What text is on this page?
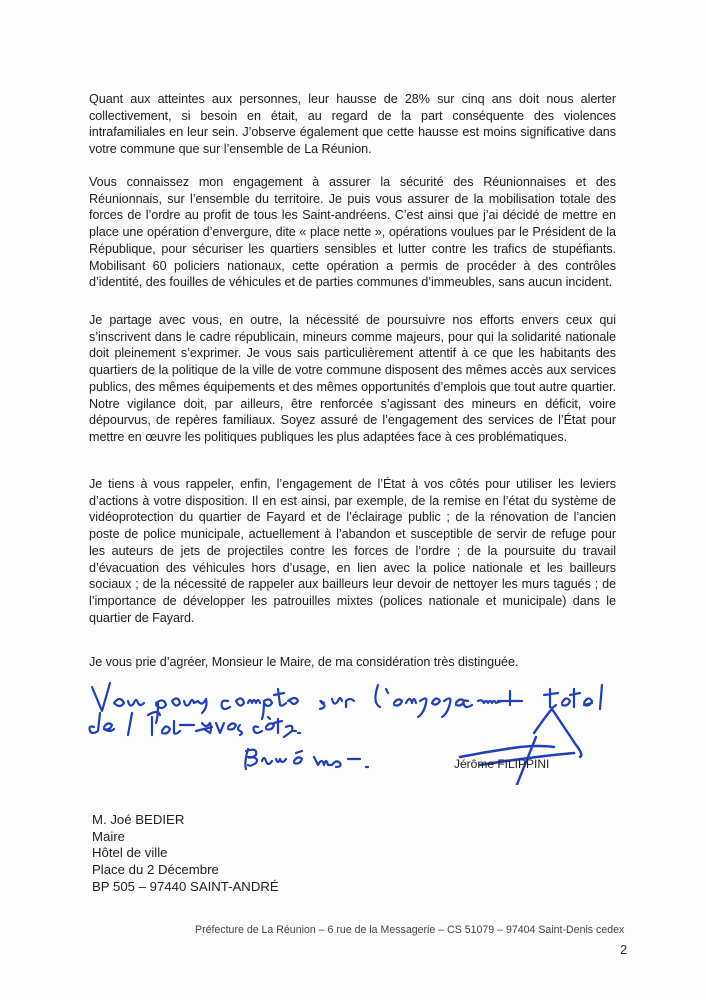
Quant aux atteintes aux personnes, leur hausse de 28% sur cinq ans doit nous alerter collectivement, si besoin en était, au regard de la part conséquente des violences intrafamiliales en leur sein. J’observe également que cette hausse est moins significative dans votre commune que sur l’ensemble de La Réunion.

Vous connaissez mon engagement à assurer la sécurité des Réunionnaises et des Réunionnais, sur l’ensemble du territoire. Je puis vous assurer de la mobilisation totale des forces de l’ordre au profit de tous les Saint-andréens. C’est ainsi que j’ai décidé de mettre en place une opération d’envergure, dite « place nette », opérations voulues par le Président de la République, pour sécuriser les quartiers sensibles et lutter contre les trafics de stupéfiants. Mobilisant 60 policiers nationaux, cette opération a permis de procéder à des contrôles d’identité, des fouilles de véhicules et de parties communes d’immeubles, sans aucun incident.

Je partage avec vous, en outre, la nécessité de poursuivre nos efforts envers ceux qui s’inscrivent dans le cadre républicain, mineurs comme majeurs, pour qui la solidarité nationale doit pleinement s’exprimer. Je vous sais particulièrement attentif à ce que les habitants des quartiers de la politique de la ville de votre commune disposent des mêmes accès aux services publics, des mêmes équipements et des mêmes opportunités d’emplois que tout autre quartier. Notre vigilance doit, par ailleurs, être renforcée s’agissant des mineurs en déficit, voire dépourvus, de repères familiaux. Soyez assuré de l’engagement des services de l’État pour mettre en œuvre les politiques publiques les plus adaptées face à ces problématiques.

Je tiens à vous rappeler, enfin, l’engagement de l’État à vos côtés pour utiliser les leviers d’actions à votre disposition. Il en est ainsi, par exemple, de la remise en l’état du système de vidéoprotection du quartier de Fayard et de l’éclairage public ; de la rénovation de l’ancien poste de police municipale, actuellement à l’abandon et susceptible de servir de refuge pour les auteurs de jets de projectiles contre les forces de l’ordre ; de la poursuite du travail d’évacuation des véhicules hors d’usage, en lien avec la police nationale et les bailleurs sociaux ; de la nécessité de rappeler aux bailleurs leur devoir de nettoyer les murs tagués ; de l’importance de développer les patrouilles mixtes (polices nationale et municipale) dans le quartier de Fayard.

Je vous prie d’agréer, Monsieur le Maire, de ma considération très distinguée.

Jérôme FILIPPINI
M. Joé BEDIER
Maire
Hôtel de ville
Place du 2 Décembre
BP 505 – 97440 SAINT-ANDRÉ
Préfecture de La Réunion – 6 rue de la Messagerie – CS 51079 – 97404 Saint-Denis cedex
2
